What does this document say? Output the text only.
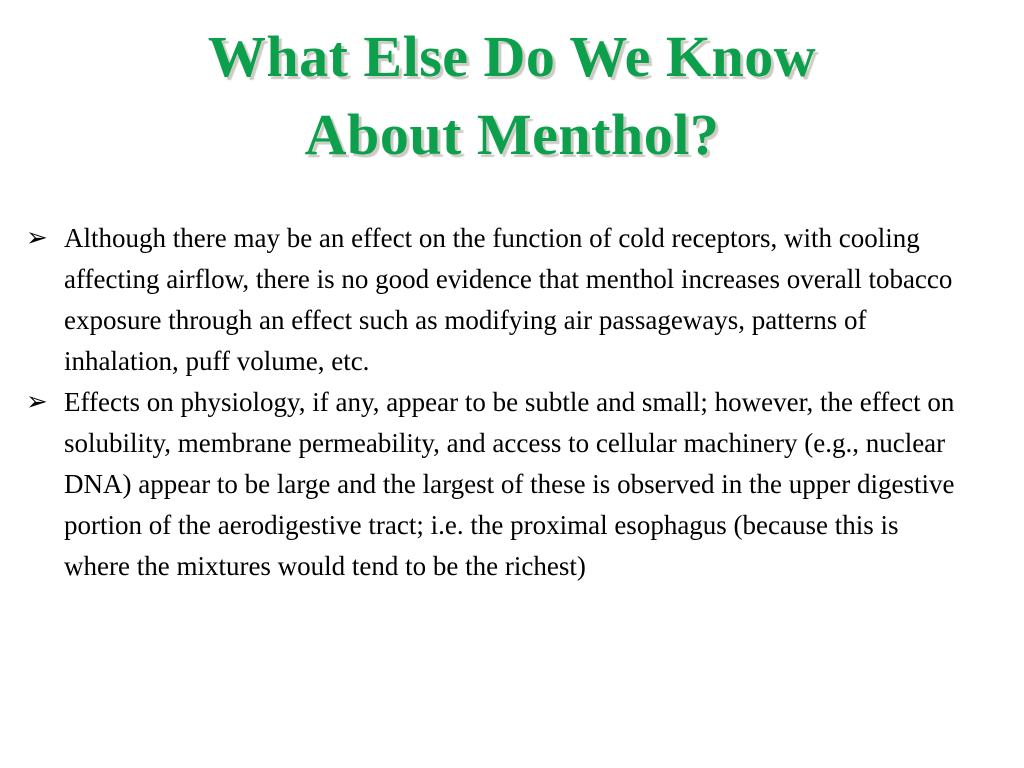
What Else Do We Know
About Menthol?
➢ Although there may be an effect on the function of cold receptors, with cooling affecting airflow, there is no good evidence that menthol increases overall tobacco exposure through an effect such as modifying air passageways, patterns of inhalation, puff volume, etc.
➢ Effects on physiology, if any, appear to be subtle and small; however, the effect on solubility, membrane permeability, and access to cellular machinery (e.g., nuclear DNA) appear to be large and the largest of these is observed in the upper digestive portion of the aerodigestive tract; i.e. the proximal esophagus (because this is where the mixtures would tend to be the richest)
